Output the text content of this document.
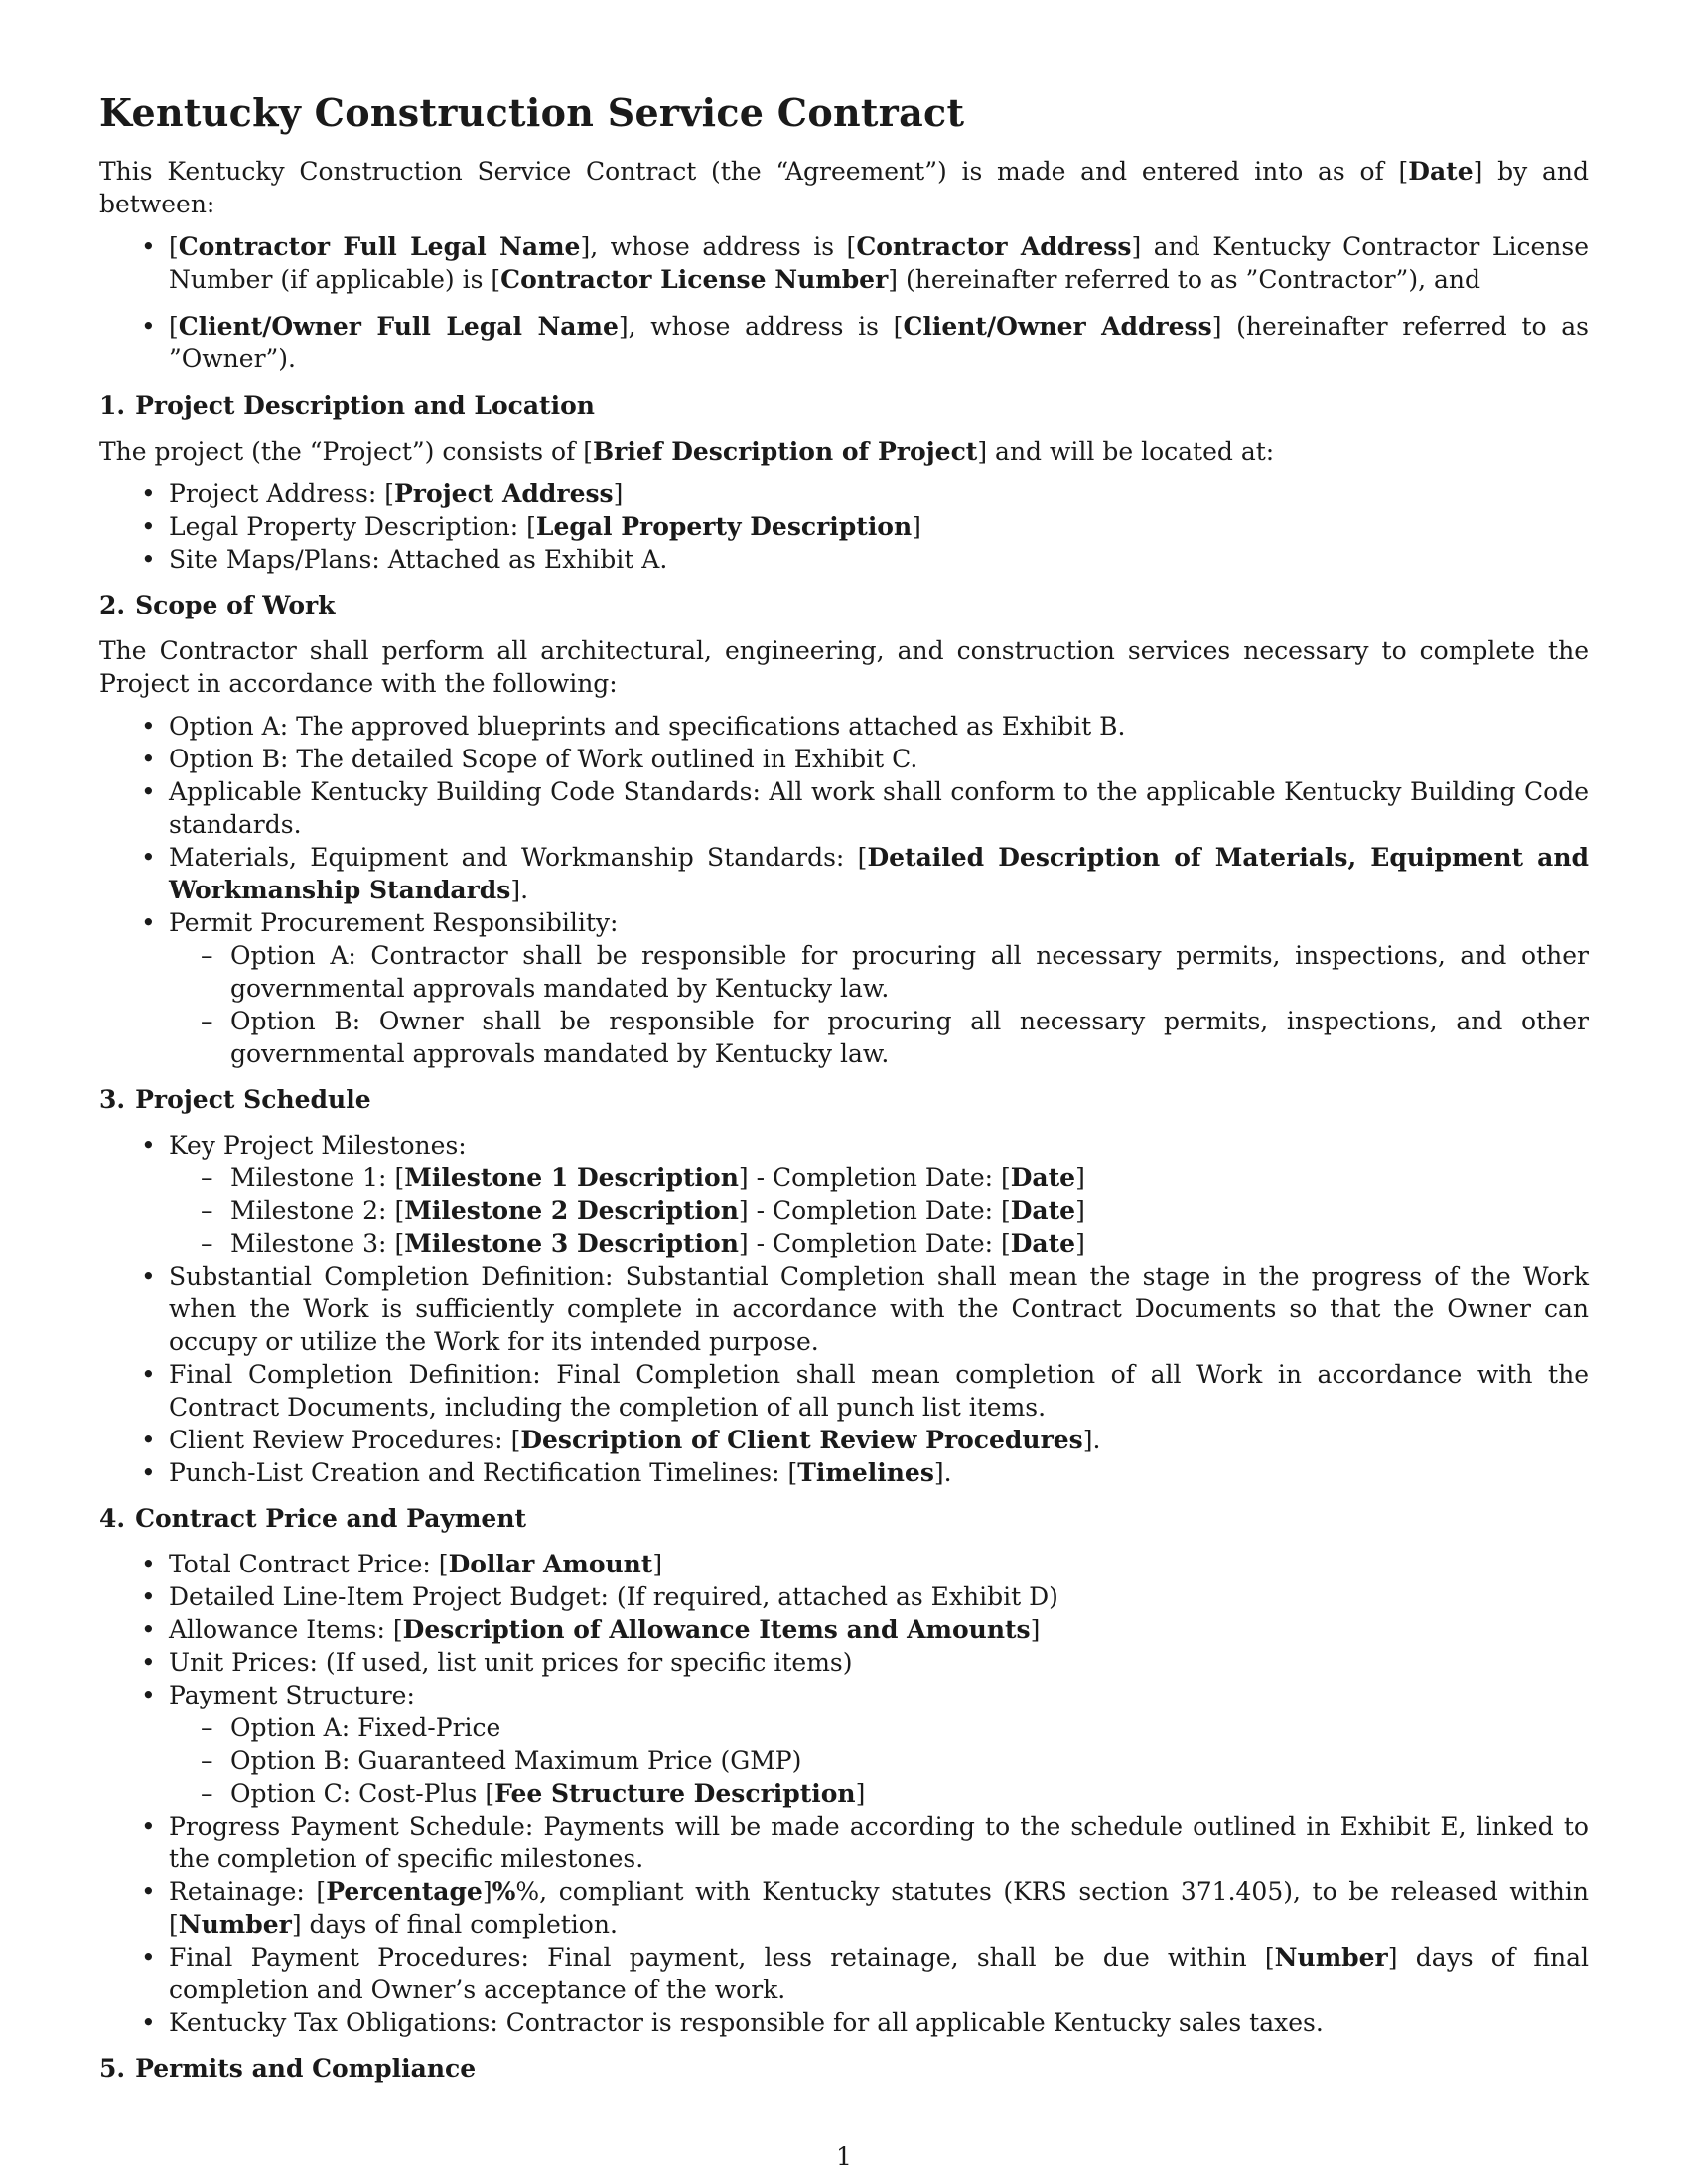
Kentucky Construction Service Contract

This Kentucky Construction Service Contract (the “Agreement”) is made and entered into as of [Date] by and between:

• [Contractor Full Legal Name], whose address is [Contractor Address] and Kentucky Contractor License Number (if applicable) is [Contractor License Number] (hereinafter referred to as ”Contractor”), and
• [Client/Owner Full Legal Name], whose address is [Client/Owner Address] (hereinafter referred to as ”Owner”).
1. Project Description and Location

The project (the “Project”) consists of [Brief Description of Project] and will be located at:

• Project Address: [Project Address]
• Legal Property Description: [Legal Property Description]
• Site Maps/Plans: Attached as Exhibit A.
2. Scope of Work

The Contractor shall perform all architectural, engineering, and construction services necessary to complete the Project in accordance with the following:

• Option A: The approved blueprints and specifications attached as Exhibit B.
• Option B: The detailed Scope of Work outlined in Exhibit C.
• Applicable Kentucky Building Code Standards: All work shall conform to the applicable Kentucky Building Code standards.
• Materials, Equipment and Workmanship Standards: [Detailed Description of Materials, Equipment and Workmanship Standards].
• Permit Procurement Responsibility:
– Option A: Contractor shall be responsible for procuring all necessary permits, inspections, and other governmental approvals mandated by Kentucky law.
– Option B: Owner shall be responsible for procuring all necessary permits, inspections, and other governmental approvals mandated by Kentucky law.
3. Project Schedule
• Key Project Milestones:
– Milestone 1: [Milestone 1 Description] - Completion Date: [Date]
– Milestone 2: [Milestone 2 Description] - Completion Date: [Date]
– Milestone 3: [Milestone 3 Description] - Completion Date: [Date]
• Substantial Completion Definition: Substantial Completion shall mean the stage in the progress of the Work when the Work is sufficiently complete in accordance with the Contract Documents so that the Owner can occupy or utilize the Work for its intended purpose.
• Final Completion Definition: Final Completion shall mean completion of all Work in accordance with the Contract Documents, including the completion of all punch list items.
• Client Review Procedures: [Description of Client Review Procedures].
• Punch-List Creation and Rectification Timelines: [Timelines].
4. Contract Price and Payment
• Total Contract Price: [Dollar Amount]
• Detailed Line-Item Project Budget: (If required, attached as Exhibit D)
• Allowance Items: [Description of Allowance Items and Amounts]
• Unit Prices: (If used, list unit prices for specific items)
• Payment Structure:
– Option A: Fixed-Price
– Option B: Guaranteed Maximum Price (GMP)
– Option C: Cost-Plus [Fee Structure Description]
• Progress Payment Schedule: Payments will be made according to the schedule outlined in Exhibit E, linked to the completion of specific milestones.
• Retainage: [Percentage]%%, compliant with Kentucky statutes (KRS section 371.405), to be released within [Number] days of final completion.
• Final Payment Procedures: Final payment, less retainage, shall be due within [Number] days of final completion and Owner’s acceptance of the work.
• Kentucky Tax Obligations: Contractor is responsible for all applicable Kentucky sales taxes.
5. Permits and Compliance
1
